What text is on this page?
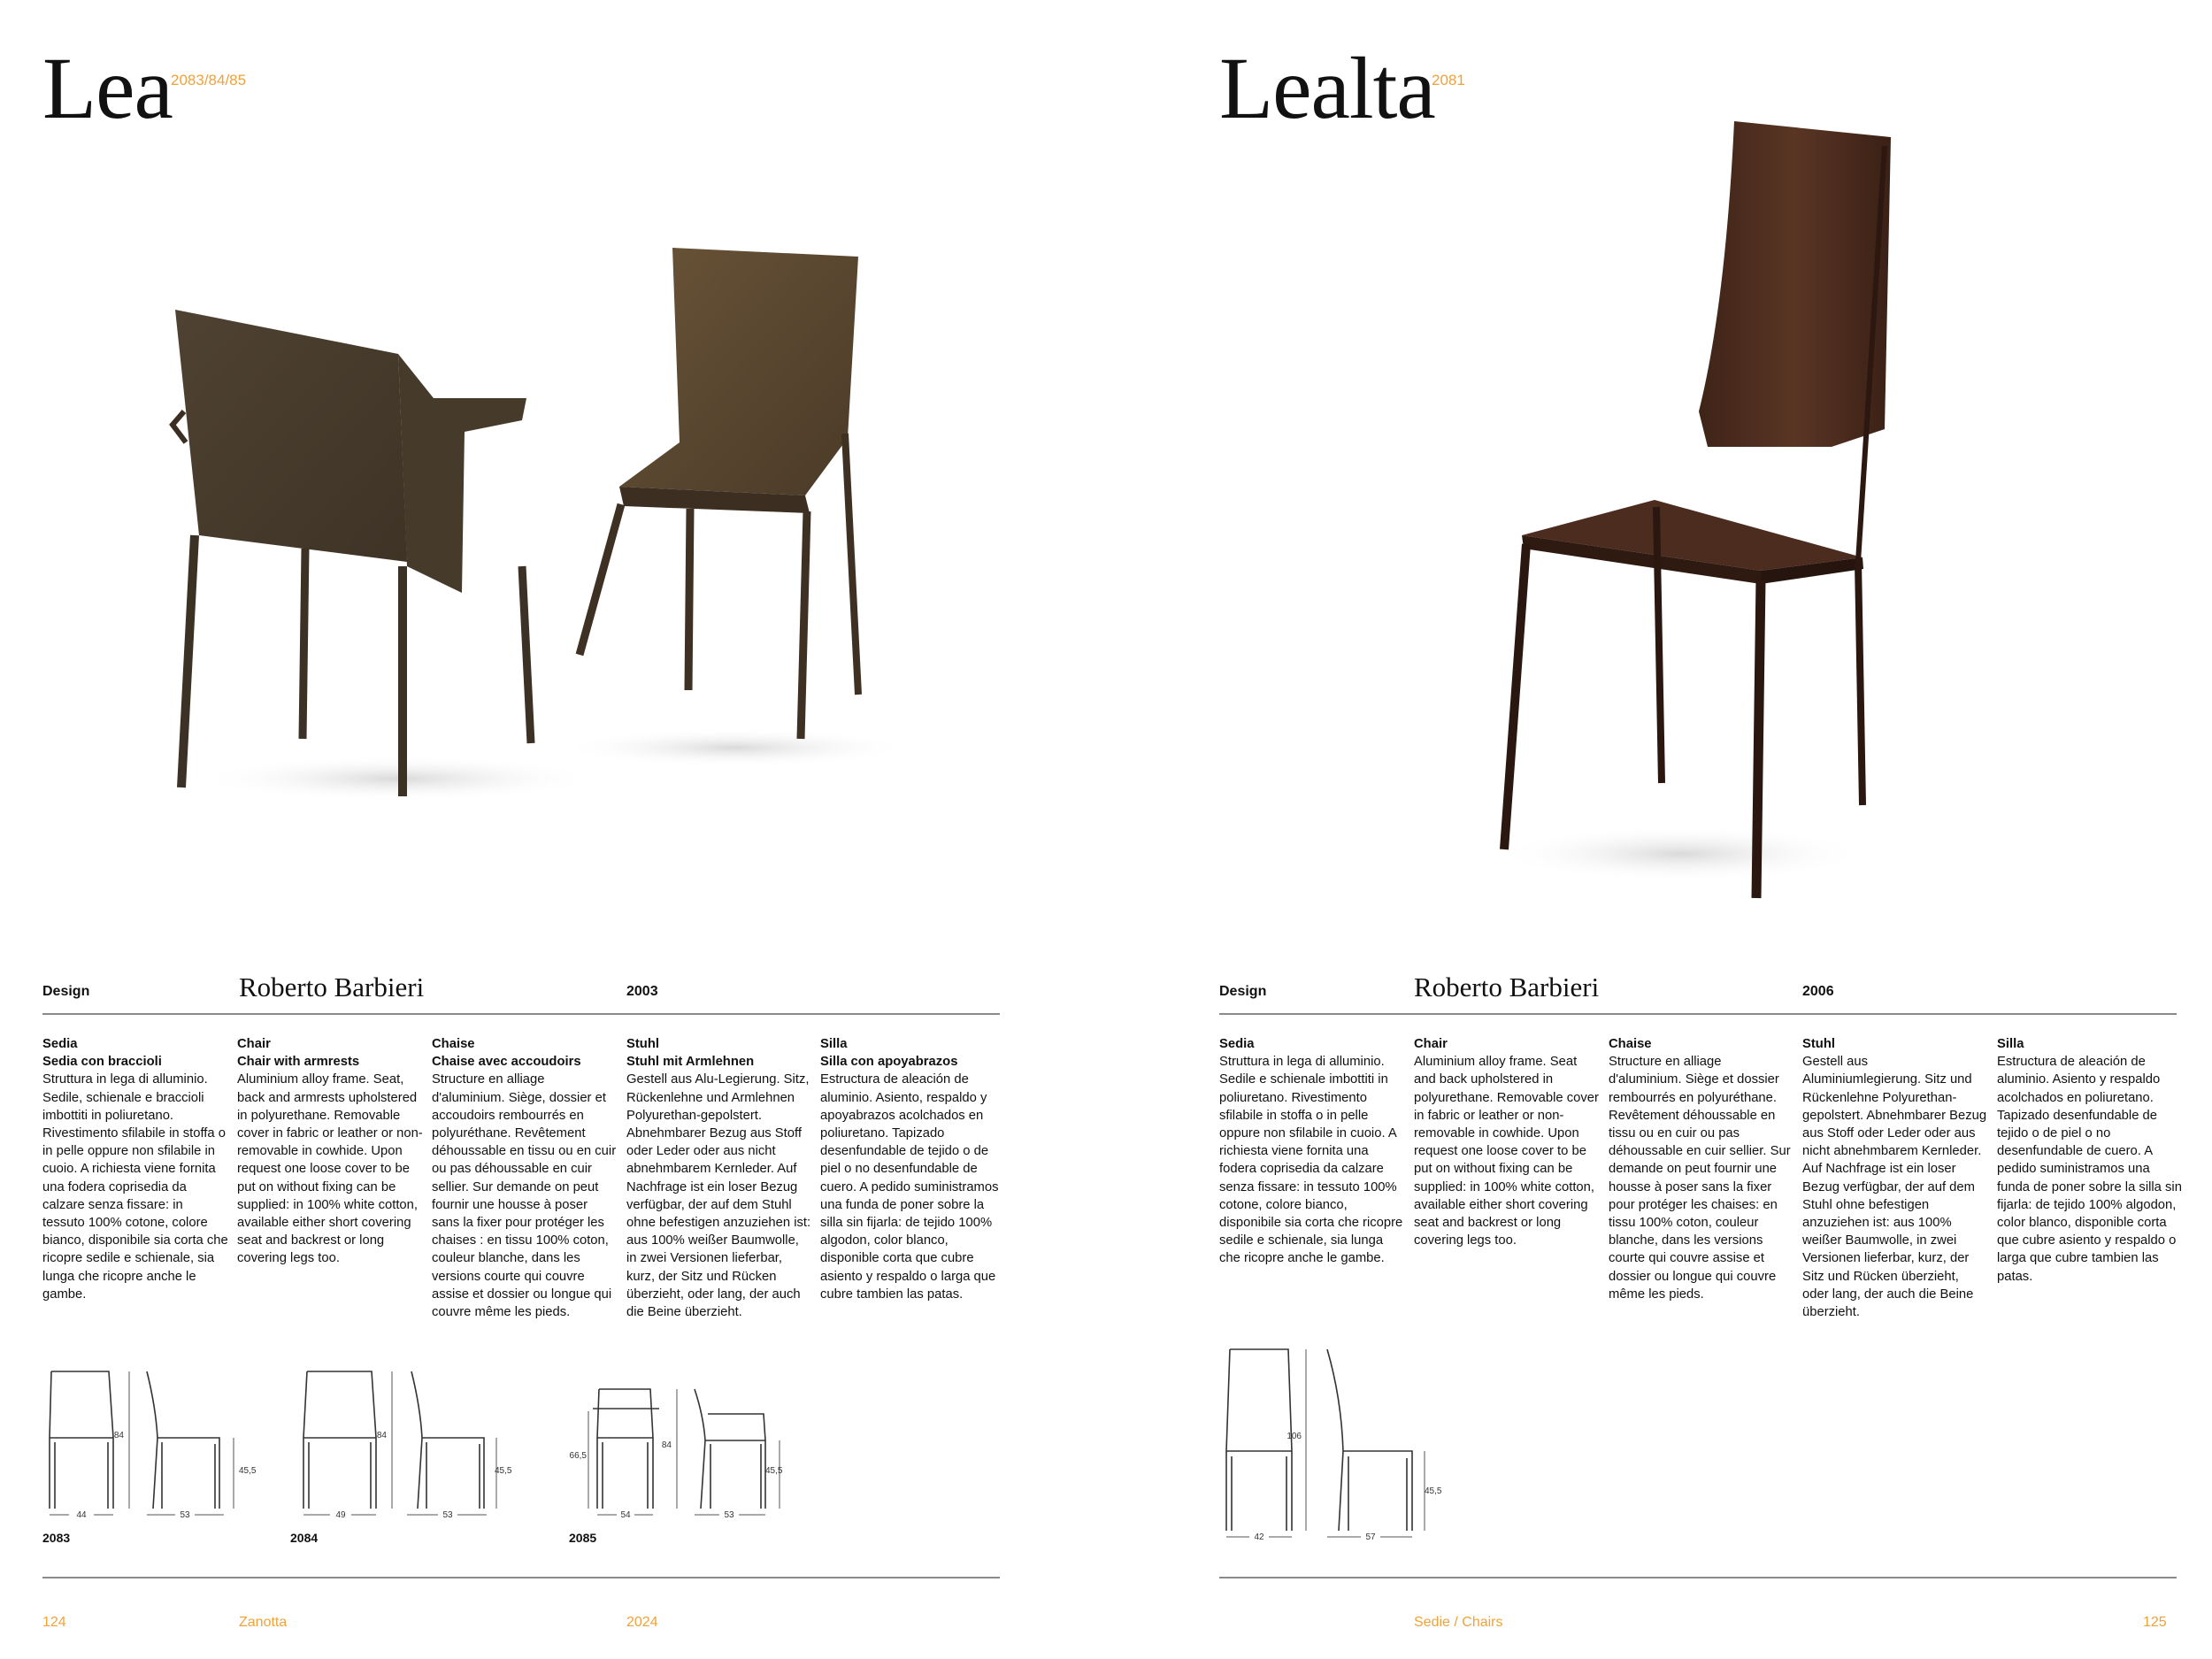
Lea
2083/84/85
Design	Roberto Barbieri	2003
Sedia
Sedia con braccioli
Struttura in lega di alluminio. Sedile, schienale e braccioli imbottiti in poliuretano. Rivestimento sfilabile in stoffa o in pelle oppure non sfilabile in cuoio. A richiesta viene fornita una fodera coprisedia da calzare senza fissare: in tessuto 100% cotone, colore bianco, disponibile sia corta che ricopre sedile e schienale, sia lunga che ricopre anche le gambe.
Chair
Chair with armrests
Aluminium alloy frame. Seat, back and armrests upholstered in polyurethane. Removable cover in fabric or leather or non-removable in cowhide. Upon request one loose cover to be put on without fixing can be supplied: in 100% white cotton, available either short covering seat and backrest or long covering legs too.
Chaise
Chaise avec accoudoirs
Structure en alliage d'aluminium. Siège, dossier et accoudoirs rembourrés en polyuréthane. Revêtement déhoussable en tissu ou en cuir ou pas déhoussable en cuir sellier. Sur demande on peut fournir une housse à poser sans la fixer pour protéger les chaises : en tissu 100% coton, couleur blanche, dans les versions courte qui couvre assise et dossier ou longue qui couvre même les pieds.
Stuhl
Stuhl mit Armlehnen
Gestell aus Alu-Legierung. Sitz, Rückenlehne und Armlehnen Polyurethan-gepolstert. Abnehmbarer Bezug aus Stoff oder Leder oder aus nicht abnehmbarem Kernleder. Auf Nachfrage ist ein loser Bezug verfügbar, der auf dem Stuhl ohne befestigen anzuziehen ist: aus 100% weißer Baumwolle, in zwei Versionen lieferbar, kurz, der Sitz und Rücken überzieht, oder lang, der auch die Beine überzieht.
Silla
Silla con apoyabrazos
Estructura de aleación de aluminio. Asiento, respaldo y apoyabrazos acolchados en poliuretano. Tapizado desenfundable de tejido o de piel o no desenfundable de cuero. A pedido suministramos una funda de poner sobre la silla sin fijarla: de tejido 100% algodon, color blanco, disponible corta que cubre asiento y respaldo o larga que cubre tambien las patas.
84
45,5
44	53
2083
84
45,5
49	53
2084
66,5
84
45,5
54	53
2085
124	Zanotta	2024
Lealta
2081
Design	Roberto Barbieri	2006
Sedia
Struttura in lega di alluminio. Sedile e schienale imbottiti in poliuretano. Rivestimento sfilabile in stoffa o in pelle oppure non sfilabile in cuoio. A richiesta viene fornita una fodera coprisedia da calzare senza fissare: in tessuto 100% cotone, colore bianco, disponibile sia corta che ricopre sedile e schienale, sia lunga che ricopre anche le gambe.
Chair
Aluminium alloy frame. Seat and back upholstered in polyurethane. Removable cover in fabric or leather or non-removable in cowhide. Upon request one loose cover to be put on without fixing can be supplied: in 100% white cotton, available either short covering seat and backrest or long covering legs too.
Chaise
Structure en alliage d'aluminium. Siège et dossier rembourrés en polyuréthane. Revêtement déhoussable en tissu ou en cuir ou pas déhoussable en cuir sellier. Sur demande on peut fournir une housse à poser sans la fixer pour protéger les chaises: en tissu 100% coton, couleur blanche, dans les versions courte qui couvre assise et dossier ou longue qui couvre même les pieds.
Stuhl
Gestell aus Aluminiumlegierung. Sitz und Rückenlehne Polyurethan-gepolstert. Abnehmbarer Bezug aus Stoff oder Leder oder aus nicht abnehmbarem Kernleder. Auf Nachfrage ist ein loser Bezug verfügbar, der auf dem Stuhl ohne befestigen anzuziehen ist: aus 100% weißer Baumwolle, in zwei Versionen lieferbar, kurz, der Sitz und Rücken überzieht, oder lang, der auch die Beine überzieht.
Silla
Estructura de aleación de aluminio. Asiento y respaldo acolchados en poliuretano. Tapizado desenfundable de tejido o de piel o no desenfundable de cuero. A pedido suministramos una funda de poner sobre la silla sin fijarla: de tejido 100% algodon, color blanco, disponible corta que cubre asiento y respaldo o larga que cubre tambien las patas.
106
45,5
42	57
Sedie / Chairs	125
